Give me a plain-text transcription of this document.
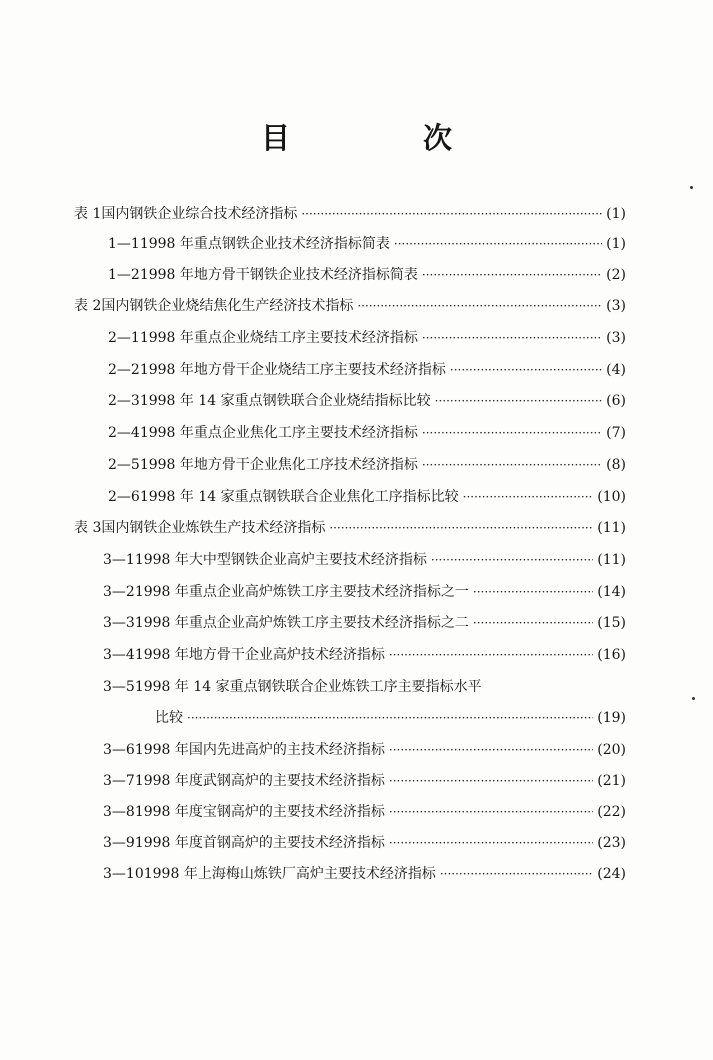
目　次
表 1 国内钢铁企业综合技术经济指标 ·····	(1)
1—1 1998 年重点钢铁企业技术经济指标简表 ·····	(1)
1—2 1998 年地方骨干钢铁企业技术经济指标简表 ·····	(2)
表 2 国内钢铁企业烧结焦化生产经济技术指标 ·····	(3)
2—1 1998 年重点企业烧结工序主要技术经济指标 ·····	(3)
2—2 1998 年地方骨干企业烧结工序主要技术经济指标 ·····	(4)
2—3 1998 年 14 家重点钢铁联合企业烧结指标比较 ·····	(6)
2—4 1998 年重点企业焦化工序主要技术经济指标 ·····	(7)
2—5 1998 年地方骨干企业焦化工序技术经济指标 ·····	(8)
2—6 1998 年 14 家重点钢铁联合企业焦化工序指标比较 ·····	(10)
表 3 国内钢铁企业炼铁生产技术经济指标 ·····	(11)
3—1 1998 年大中型钢铁企业高炉主要技术经济指标 ·····	(11)
3—2 1998 年重点企业高炉炼铁工序主要技术经济指标之一 ·····	(14)
3—3 1998 年重点企业高炉炼铁工序主要技术经济指标之二 ·····	(15)
3—4 1998 年地方骨干企业高炉技术经济指标 ·····	(16)
3—5 1998 年 14 家重点钢铁联合企业炼铁工序主要指标水平
比较 ·····	(19)
3—6 1998 年国内先进高炉的主技术经济指标 ·····	(20)
3—7 1998 年度武钢高炉的主要技术经济指标 ·····	(21)
3—8 1998 年度宝钢高炉的主要技术经济指标 ·····	(22)
3—9 1998 年度首钢高炉的主要技术经济指标 ·····	(23)
3—10 1998 年上海梅山炼铁厂高炉主要技术经济指标 ·····	(24)
